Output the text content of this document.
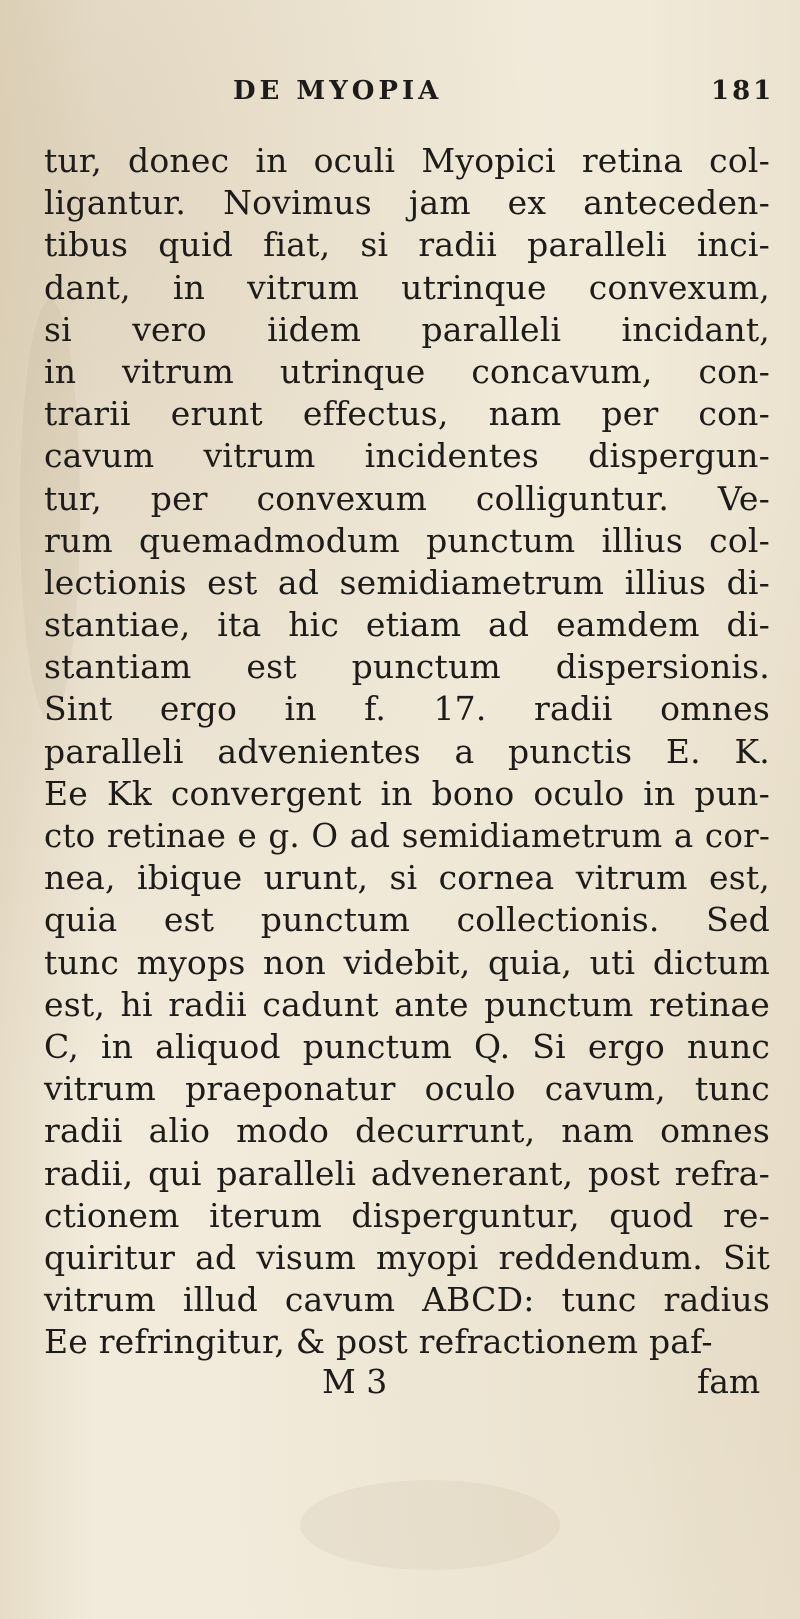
DE MYOPIA	181
tur, donec in oculi Myopici retina col-
ligantur. Novimus jam ex anteceden-
tibus quid fiat, si radii paralleli inci-
dant, in vitrum utrinque convexum,
si vero iidem paralleli incidant,
in vitrum utrinque concavum, con-
trarii erunt effectus, nam per con-
cavum vitrum incidentes dispergun-
tur, per convexum colliguntur. Ve-
rum quemadmodum punctum illius col-
lectionis est ad semidiametrum illius di-
stantiae, ita hic etiam ad eamdem di-
stantiam est punctum dispersionis.
Sint ergo in f. 17. radii omnes
paralleli advenientes a punctis E. K.
Ee Kk convergent in bono oculo in pun-
cto retinae e g. O ad semidiametrum a cor-
nea, ibique urunt, si cornea vitrum est,
quia est punctum collectionis. Sed
tunc myops non videbit, quia, uti dictum
est, hi radii cadunt ante punctum retinae
C, in aliquod punctum Q. Si ergo nunc
vitrum praeponatur oculo cavum, tunc
radii alio modo decurrunt, nam omnes
radii, qui paralleli advenerant, post refra-
ctionem iterum disperguntur, quod re-
quiritur ad visum myopi reddendum. Sit
vitrum illud cavum ABCD: tunc radius
Ee refringitur, & post refractionem paf-
M 3	fam
